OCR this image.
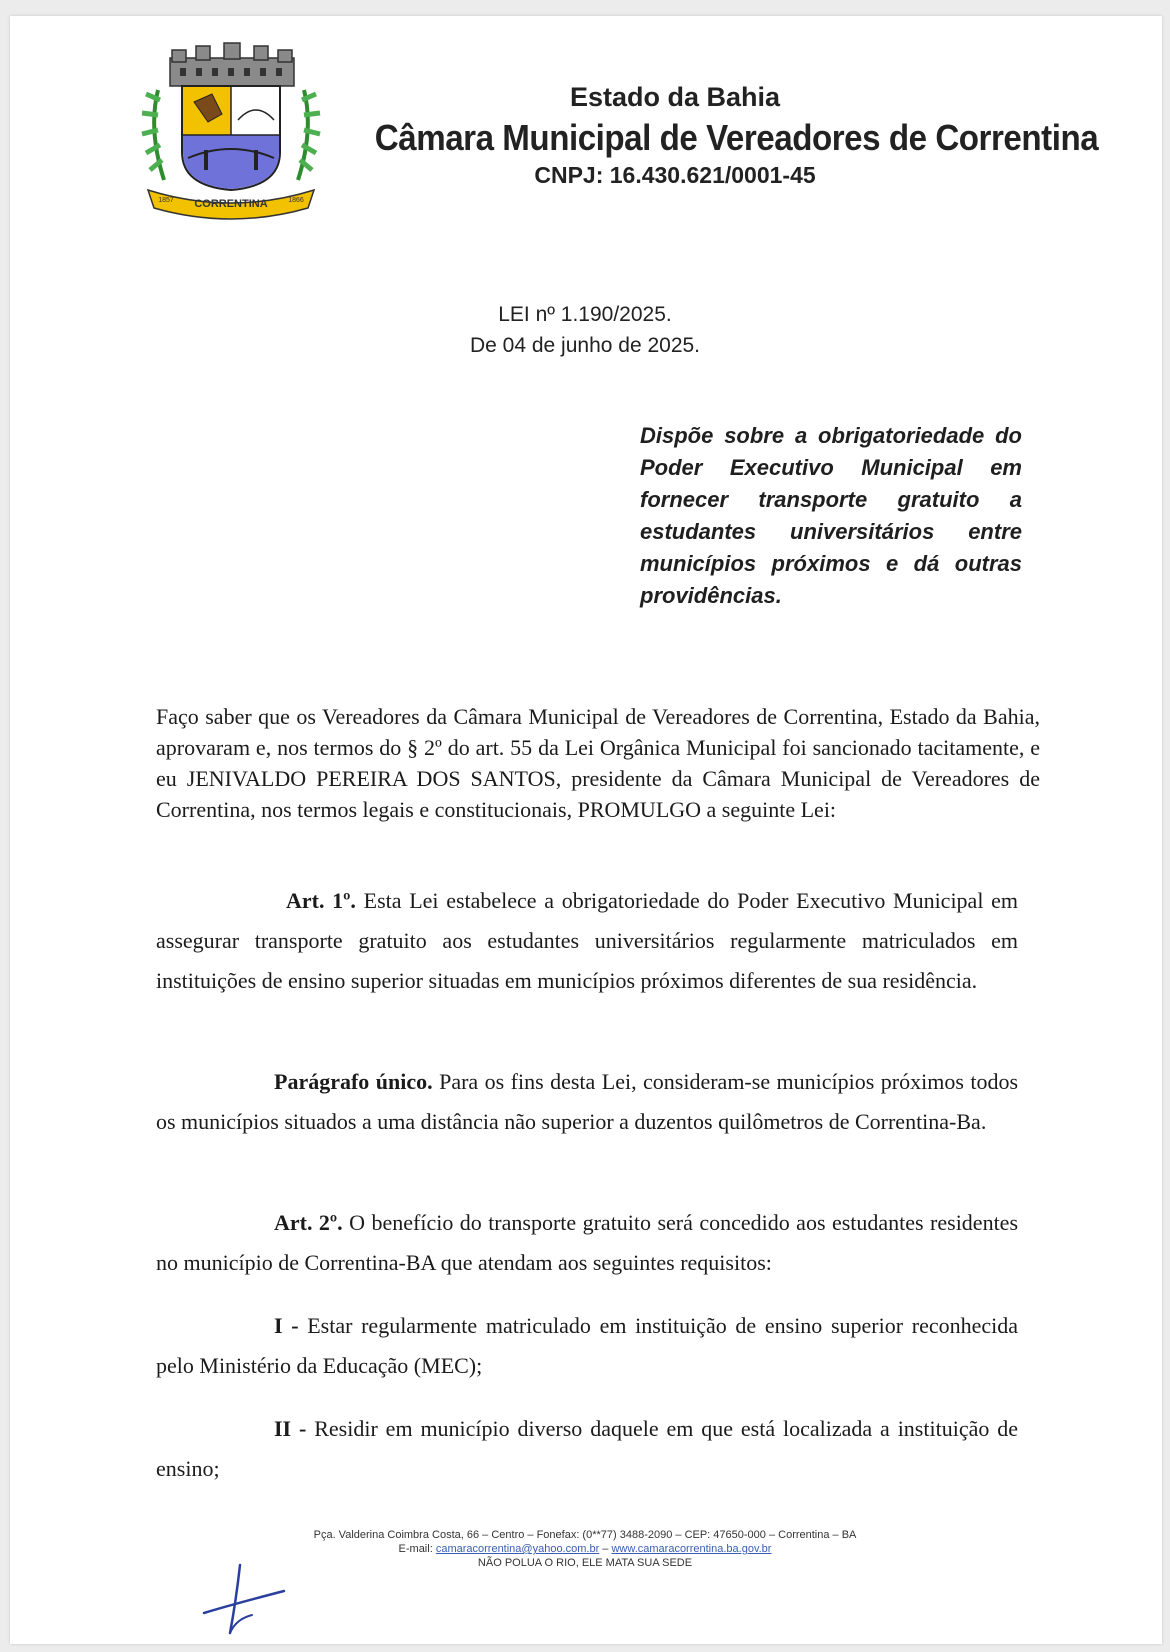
CORRENTINA
1857	1866
Estado da Bahia
Câmara Municipal de Vereadores de Correntina
CNPJ: 16.430.621/0001-45
LEI nº 1.190/2025.
De 04 de junho de 2025.
Dispõe sobre a obrigatoriedade do Poder Executivo Municipal em fornecer transporte gratuito a estudantes universitários entre municípios próximos e dá outras providências.
Faço saber que os Vereadores da Câmara Municipal de Vereadores de Correntina, Estado da Bahia, aprovaram e, nos termos do § 2º do art. 55 da Lei Orgânica Municipal foi sancionado tacitamente, e eu JENIVALDO PEREIRA DOS SANTOS, presidente da Câmara Municipal de Vereadores de Correntina, nos termos legais e constitucionais, PROMULGO a seguinte Lei:
Art. 1º. Esta Lei estabelece a obrigatoriedade do Poder Executivo Municipal em assegurar transporte gratuito aos estudantes universitários regularmente matriculados em instituições de ensino superior situadas em municípios próximos diferentes de sua residência.
Parágrafo único. Para os fins desta Lei, consideram-se municípios próximos todos os municípios situados a uma distância não superior a duzentos quilômetros de Correntina-Ba.
Art. 2º. O benefício do transporte gratuito será concedido aos estudantes residentes no município de Correntina-BA que atendam aos seguintes requisitos:
I - Estar regularmente matriculado em instituição de ensino superior reconhecida pelo Ministério da Educação (MEC);
II - Residir em município diverso daquele em que está localizada a instituição de ensino;
Pça. Valderina Coimbra Costa, 66 – Centro – Fonefax: (0**77) 3488-2090 – CEP: 47650-000 – Correntina – BA
E-mail: camaracorrentina@yahoo.com.br – www.camaracorrentina.ba.gov.br
NÃO POLUA O RIO, ELE MATA SUA SEDE
